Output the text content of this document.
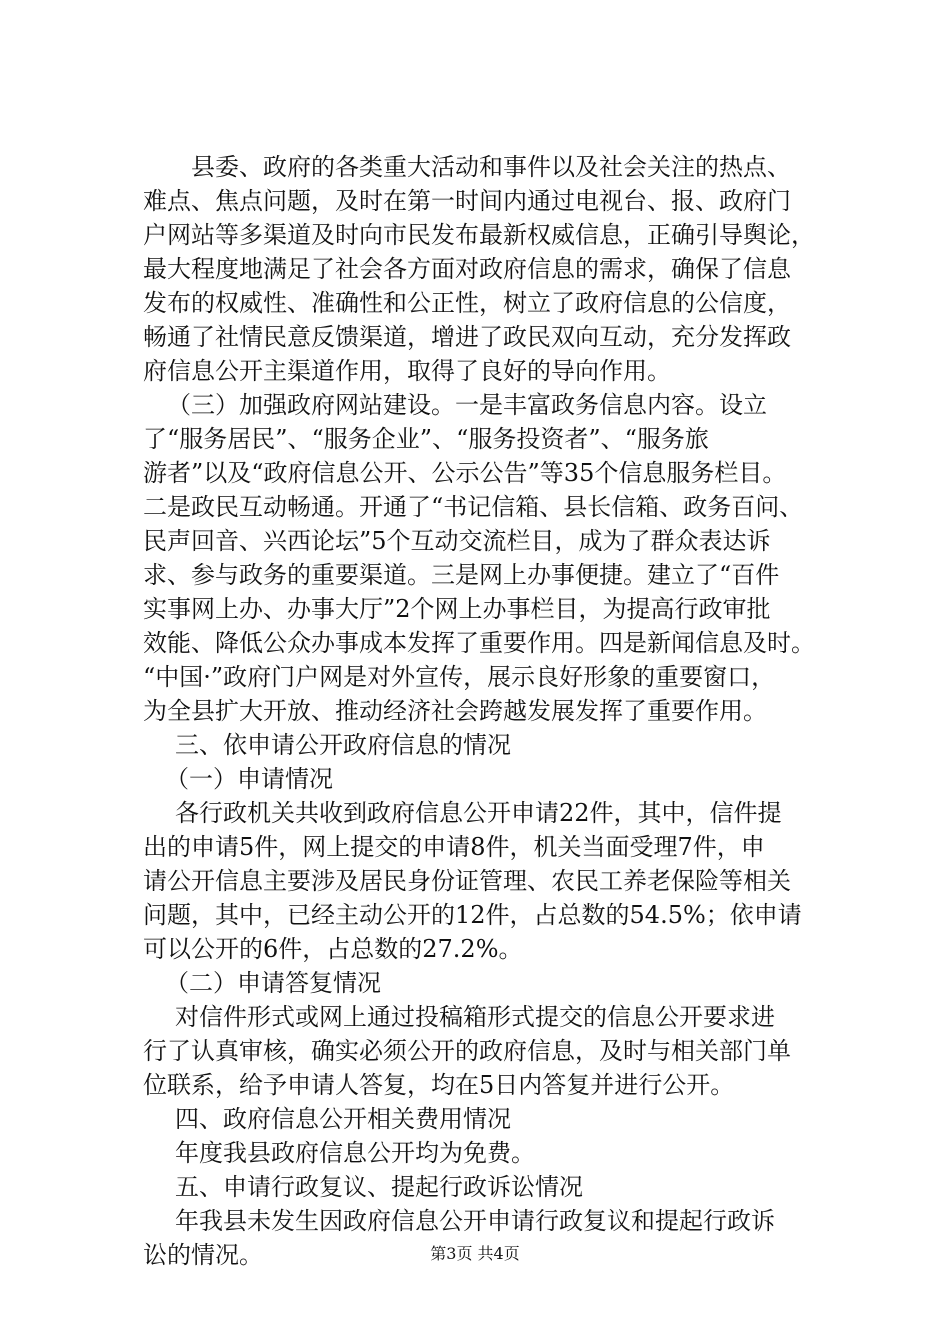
县委、政府的各类重大活动和事件以及社会关注的热点、
难点、焦点问题，及时在第一时间内通过电视台、报、政府门
户网站等多渠道及时向市民发布最新权威信息，正确引导舆论，
最大程度地满足了社会各方面对政府信息的需求，确保了信息
发布的权威性、准确性和公正性，树立了政府信息的公信度，
畅通了社情民意反馈渠道，增进了政民双向互动，充分发挥政
府信息公开主渠道作用，取得了良好的导向作用。
（三）加强政府网站建设。一是丰富政务信息内容。设立
了“服务居民”、“服务企业”、“服务投资者”、“服务旅
游者”以及“政府信息公开、公示公告”等35个信息服务栏目。
二是政民互动畅通。开通了“书记信箱、县长信箱、政务百问、
民声回音、兴西论坛”5个互动交流栏目，成为了群众表达诉
求、参与政务的重要渠道。三是网上办事便捷。建立了“百件
实事网上办、办事大厅”2个网上办事栏目，为提高行政审批
效能、降低公众办事成本发挥了重要作用。四是新闻信息及时。
“中国·”政府门户网是对外宣传，展示良好形象的重要窗口，
为全县扩大开放、推动经济社会跨越发展发挥了重要作用。
三、依申请公开政府信息的情况
（一）申请情况
各行政机关共收到政府信息公开申请22件，其中，信件提
出的申请5件，网上提交的申请8件，机关当面受理7件，申
请公开信息主要涉及居民身份证管理、农民工养老保险等相关
问题，其中，已经主动公开的12件，占总数的54.5%；依申请
可以公开的6件，占总数的27.2%。
（二）申请答复情况
对信件形式或网上通过投稿箱形式提交的信息公开要求进
行了认真审核，确实必须公开的政府信息，及时与相关部门单
位联系，给予申请人答复，均在5日内答复并进行公开。
四、政府信息公开相关费用情况
年度我县政府信息公开均为免费。
五、申请行政复议、提起行政诉讼情况
年我县未发生因政府信息公开申请行政复议和提起行政诉
讼的情况。	第3页 共4页
